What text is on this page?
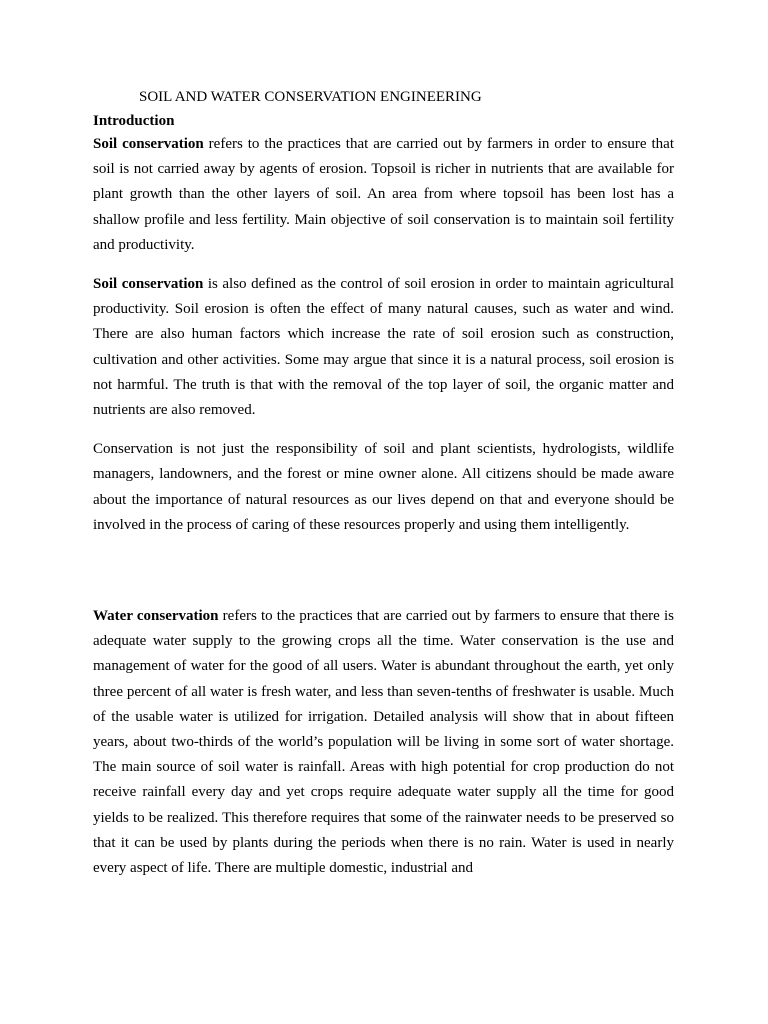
SOIL AND WATER CONSERVATION ENGINEERING
Introduction

Soil conservation refers to the practices that are carried out by farmers in order to ensure that soil is not carried away by agents of erosion. Topsoil is richer in nutrients that are available for plant growth than the other layers of soil. An area from where topsoil has been lost has a shallow profile and less fertility. Main objective of soil conservation is to maintain soil fertility and productivity.

Soil conservation is also defined as the control of soil erosion in order to maintain agricultural productivity. Soil erosion is often the effect of many natural causes, such as water and wind. There are also human factors which increase the rate of soil erosion such as construction, cultivation and other activities. Some may argue that since it is a natural process, soil erosion is not harmful. The truth is that with the removal of the top layer of soil, the organic matter and nutrients are also removed.

Conservation is not just the responsibility of soil and plant scientists, hydrologists, wildlife managers, landowners, and the forest or mine owner alone. All citizens should be made aware about the importance of natural resources as our lives depend on that and everyone should be involved in the process of caring of these resources properly and using them intelligently.

Water conservation refers to the practices that are carried out by farmers to ensure that there is adequate water supply to the growing crops all the time. Water conservation is the use and management of water for the good of all users. Water is abundant throughout the earth, yet only three percent of all water is fresh water, and less than seven-tenths of freshwater is usable. Much of the usable water is utilized for irrigation. Detailed analysis will show that in about fifteen years, about two-thirds of the world’s population will be living in some sort of water shortage. The main source of soil water is rainfall. Areas with high potential for crop production do not receive rainfall every day and yet crops require adequate water supply all the time for good yields to be realized. This therefore requires that some of the rainwater needs to be preserved so that it can be used by plants during the periods when there is no rain. Water is used in nearly every aspect of life. There are multiple domestic, industrial and
